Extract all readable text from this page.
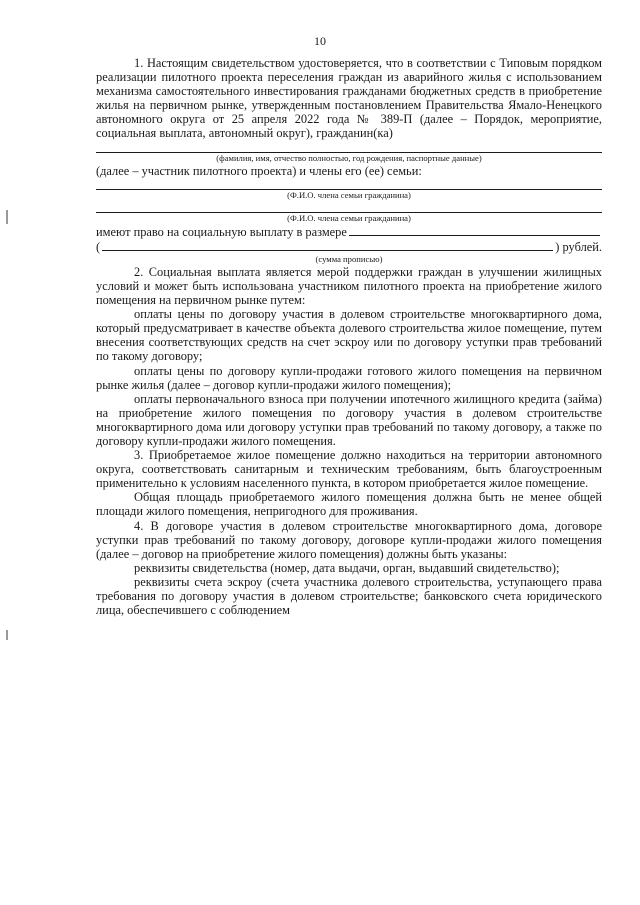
10

1. Настоящим свидетельством удостоверяется, что в соответствии с Типовым порядком реализации пилотного проекта переселения граждан из аварийного жилья с использованием механизма самостоятельного инвестирования гражданами бюджетных средств в приобретение жилья на первичном рынке, утвержденным постановлением Правительства Ямало-Ненецкого автономного округа от 25 апреля 2022 года № 389-П (далее – Порядок, мероприятие, социальная выплата, автономный округ), гражданин(ка)

(фамилия, имя, отчество полностью, год рождения, паспортные данные)

(далее – участник пилотного проекта) и члены его (ее) семьи:

(Ф.И.О. члена семьи гражданина)
(Ф.И.О. члена семьи гражданина)
имеют право на социальную выплату в размере
(	) рублей.
(сумма прописью)

2. Социальная выплата является мерой поддержки граждан в улучшении жилищных условий и может быть использована участником пилотного проекта на приобретение жилого помещения на первичном рынке путем:

оплаты цены по договору участия в долевом строительстве многоквартирного дома, который предусматривает в качестве объекта долевого строительства жилое помещение, путем внесения соответствующих средств на счет эскроу или по договору уступки прав требований по такому договору;

оплаты цены по договору купли-продажи готового жилого помещения на первичном рынке жилья (далее – договор купли-продажи жилого помещения);

оплаты первоначального взноса при получении ипотечного жилищного кредита (займа) на приобретение жилого помещения по договору участия в долевом строительстве многоквартирного дома или договору уступки прав требований по такому договору, а также по договору купли-продажи жилого помещения.

3. Приобретаемое жилое помещение должно находиться на территории автономного округа, соответствовать санитарным и техническим требованиям, быть благоустроенным применительно к условиям населенного пункта, в котором приобретается жилое помещение.

Общая площадь приобретаемого жилого помещения должна быть не менее общей площади жилого помещения, непригодного для проживания.

4. В договоре участия в долевом строительстве многоквартирного дома, договоре уступки прав требований по такому договору, договоре купли-продажи жилого помещения (далее – договор на приобретение жилого помещения) должны быть указаны:

реквизиты свидетельства (номер, дата выдачи, орган, выдавший свидетельство);

реквизиты счета эскроу (счета участника долевого строительства, уступающего права требования по договору участия в долевом строительстве; банковского счета юридического лица, обеспечившего с соблюдением
